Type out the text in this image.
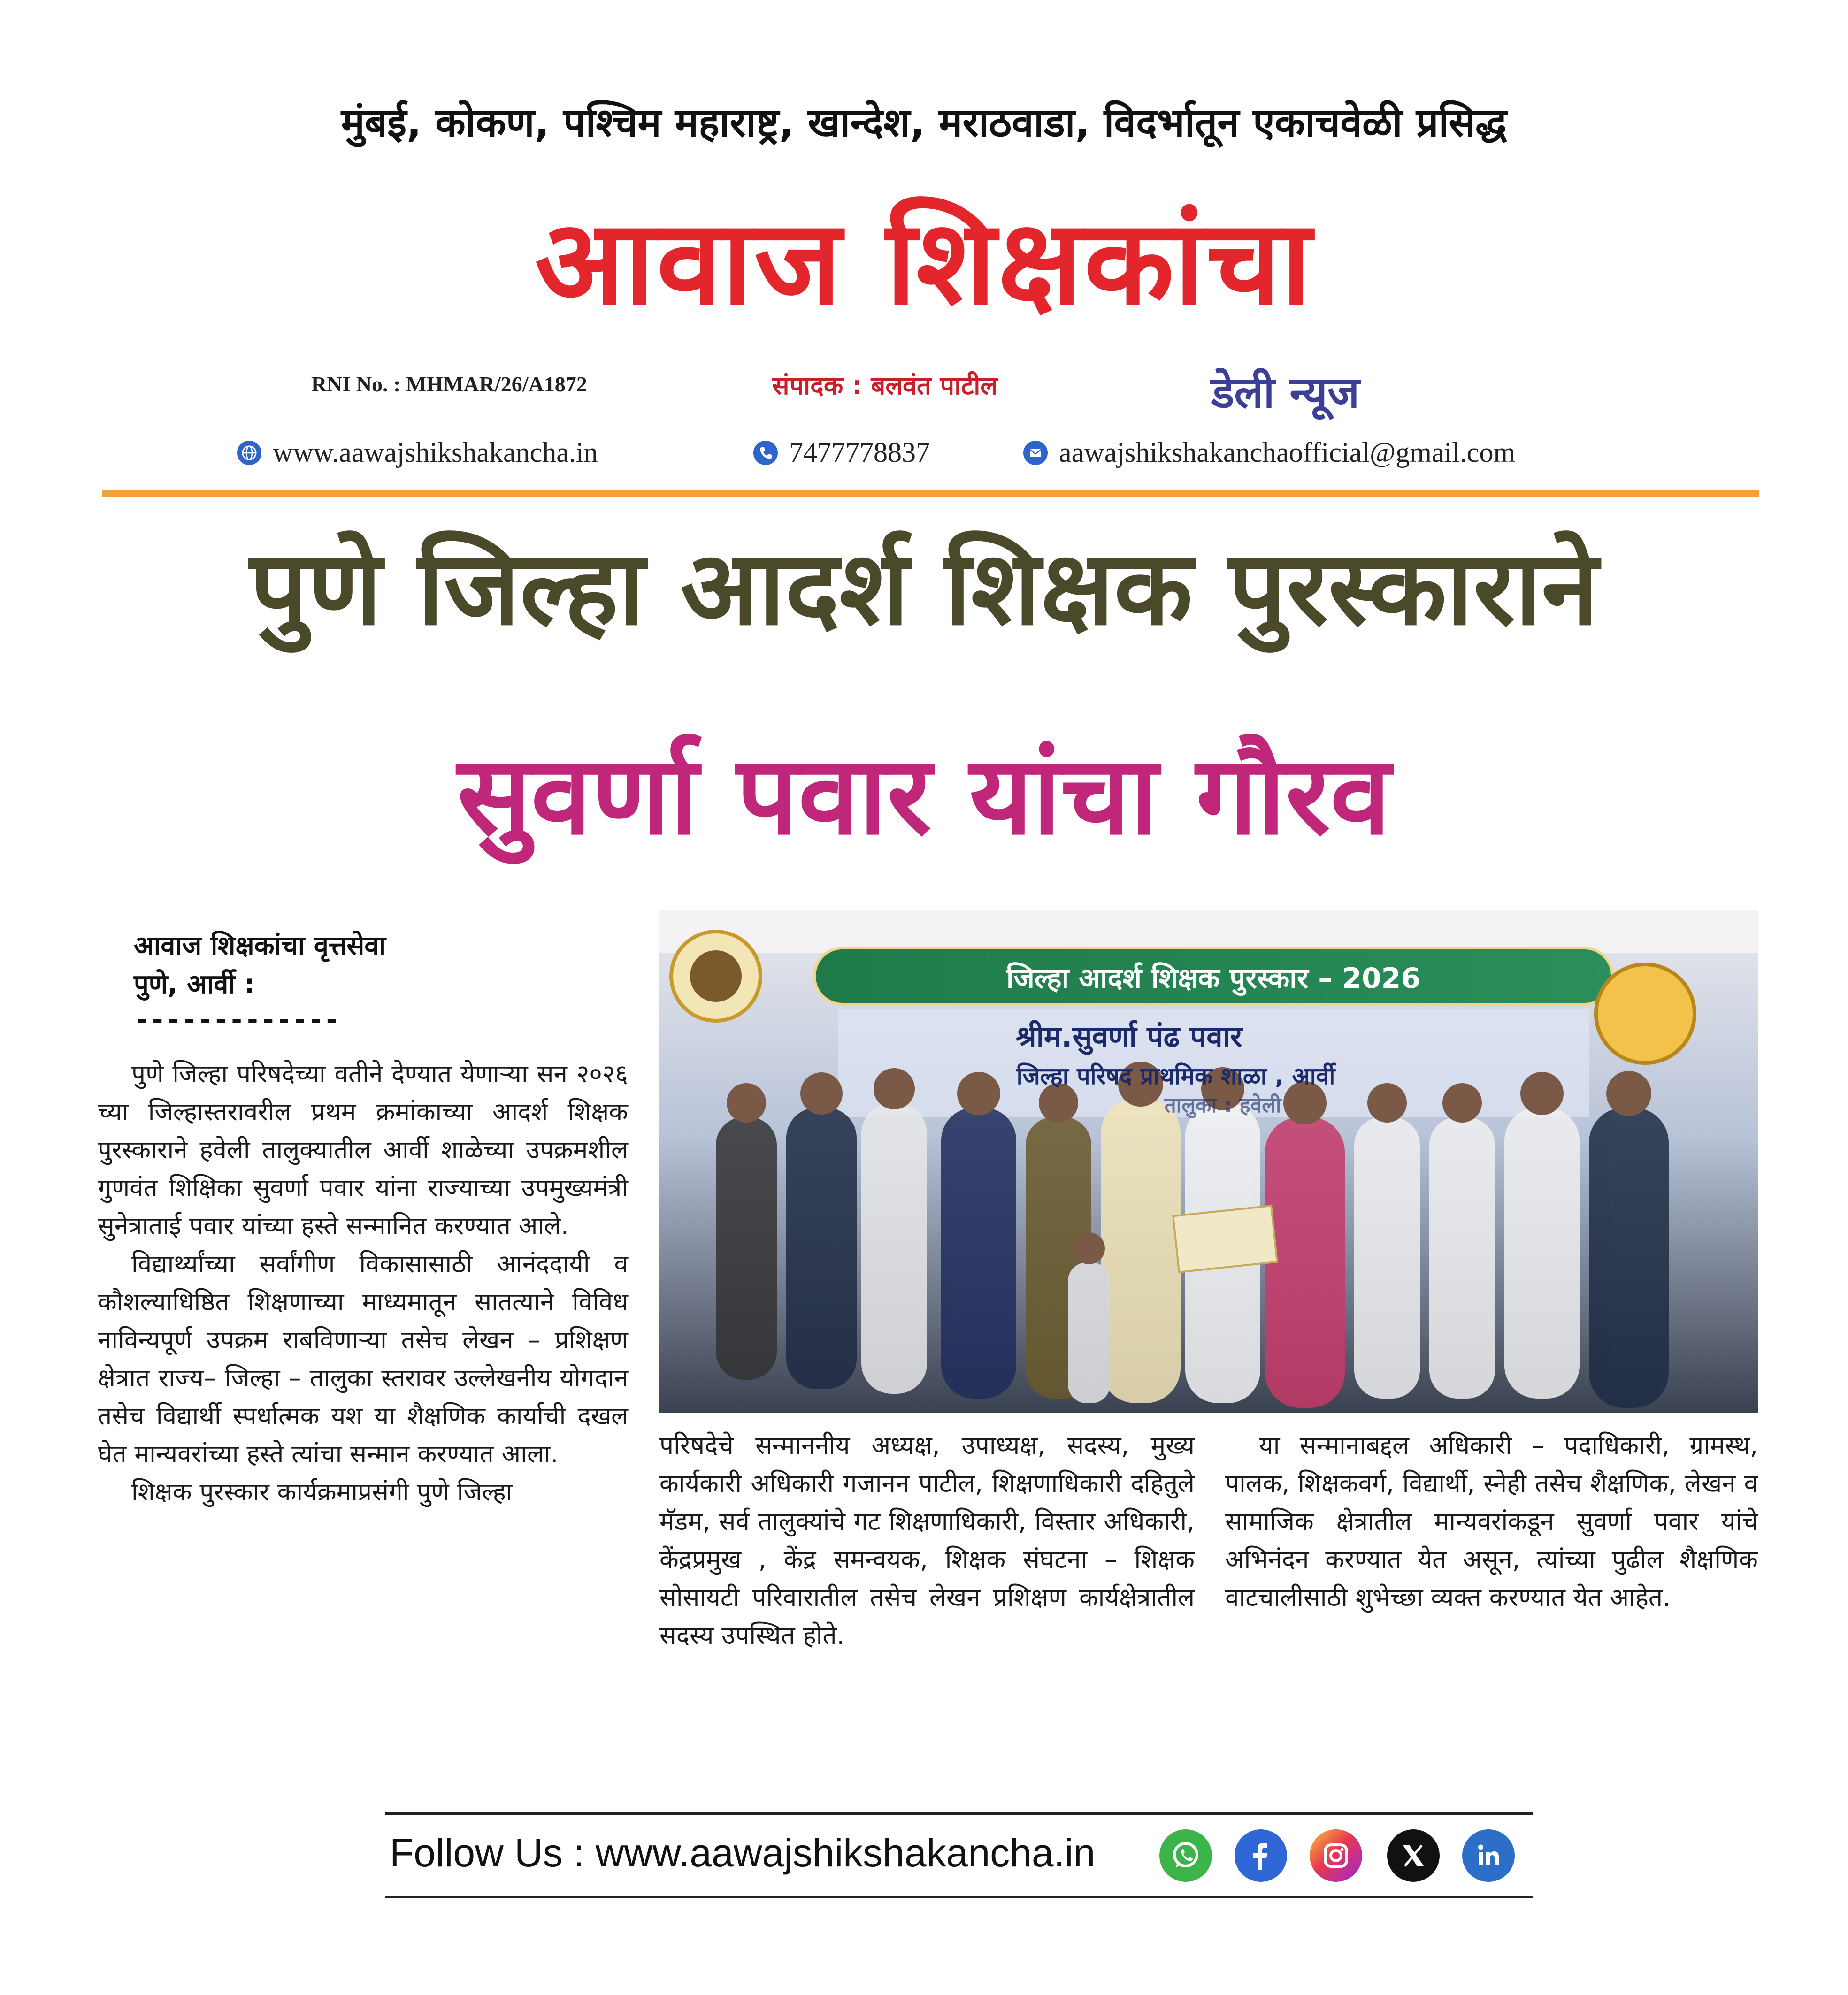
मुंबई, कोकण, पश्चिम महाराष्ट्र, खान्देश, मराठवाडा, विदर्भातून एकाचवेळी प्रसिद्ध
आवाज शिक्षकांचा
RNI No. : MHMAR/26/A1872	संपादक : बलवंत पाटील	डेली न्यूज
www.aawajshikshakancha.in	7477778837	aawajshikshakanchaofficial@gmail.com
पुणे जिल्हा आदर्श शिक्षक पुरस्काराने
सुवर्णा पवार यांचा गौरव
आवाज शिक्षकांचा वृत्तसेवा
पुणे, आर्वी :
-------------

पुणे जिल्हा परिषदेच्या वतीने देण्यात येणाऱ्या सन २०२६ च्या जिल्हास्तरावरील प्रथम क्रमांकाच्या आदर्श शिक्षक पुरस्काराने हवेली तालुक्यातील आर्वी शाळेच्या उपक्रमशील गुणवंत शिक्षिका सुवर्णा पवार यांना राज्याच्या उपमुख्यमंत्री सुनेत्राताई पवार यांच्या हस्ते सन्मानित करण्यात आले.

विद्यार्थ्यांच्या सर्वांगीण विकासासाठी आनंददायी व कौशल्याधिष्ठित शिक्षणाच्या माध्यमातून सातत्याने विविध नाविन्यपूर्ण उपक्रम राबविणाऱ्या तसेच लेखन – प्रशिक्षण क्षेत्रात राज्य– जिल्हा – तालुका स्तरावर उल्लेखनीय योगदान तसेच विद्यार्थी स्पर्धात्मक यश या शैक्षणिक कार्याची दखल घेत मान्यवरांच्या हस्ते त्यांचा सन्मान करण्यात आला.

शिक्षक पुरस्कार कार्यक्रमाप्रसंगी पुणे जिल्हा

जिल्हा आदर्श शिक्षक पुरस्कार – 2026
श्रीम.सुवर्णा पंढ पवार
जिल्हा परिषद प्राथमिक शाळा , आर्वी
तालुका : हवेली
परिषदेचे सन्माननीय अध्यक्ष, उपाध्यक्ष, सदस्य, मुख्य कार्यकारी अधिकारी गजानन पाटील, शिक्षणाधिकारी दहितुले मॅडम, सर्व तालुक्यांचे गट शिक्षणाधिकारी, विस्तार अधिकारी, केंद्रप्रमुख , केंद्र समन्वयक, शिक्षक संघटना – शिक्षक सोसायटी परिवारातील तसेच लेखन प्रशिक्षण कार्यक्षेत्रातील सदस्य उपस्थित होते.

या सन्मानाबद्दल अधिकारी – पदाधिकारी, ग्रामस्थ, पालक, शिक्षकवर्ग, विद्यार्थी, स्नेही तसेच शैक्षणिक, लेखन व सामाजिक क्षेत्रातील मान्यवरांकडून सुवर्णा पवार यांचे अभिनंदन करण्यात येत असून, त्यांच्या पुढील शैक्षणिक वाटचालीसाठी शुभेच्छा व्यक्त करण्यात येत आहेत.

Follow Us : www.aawajshikshakancha.in
